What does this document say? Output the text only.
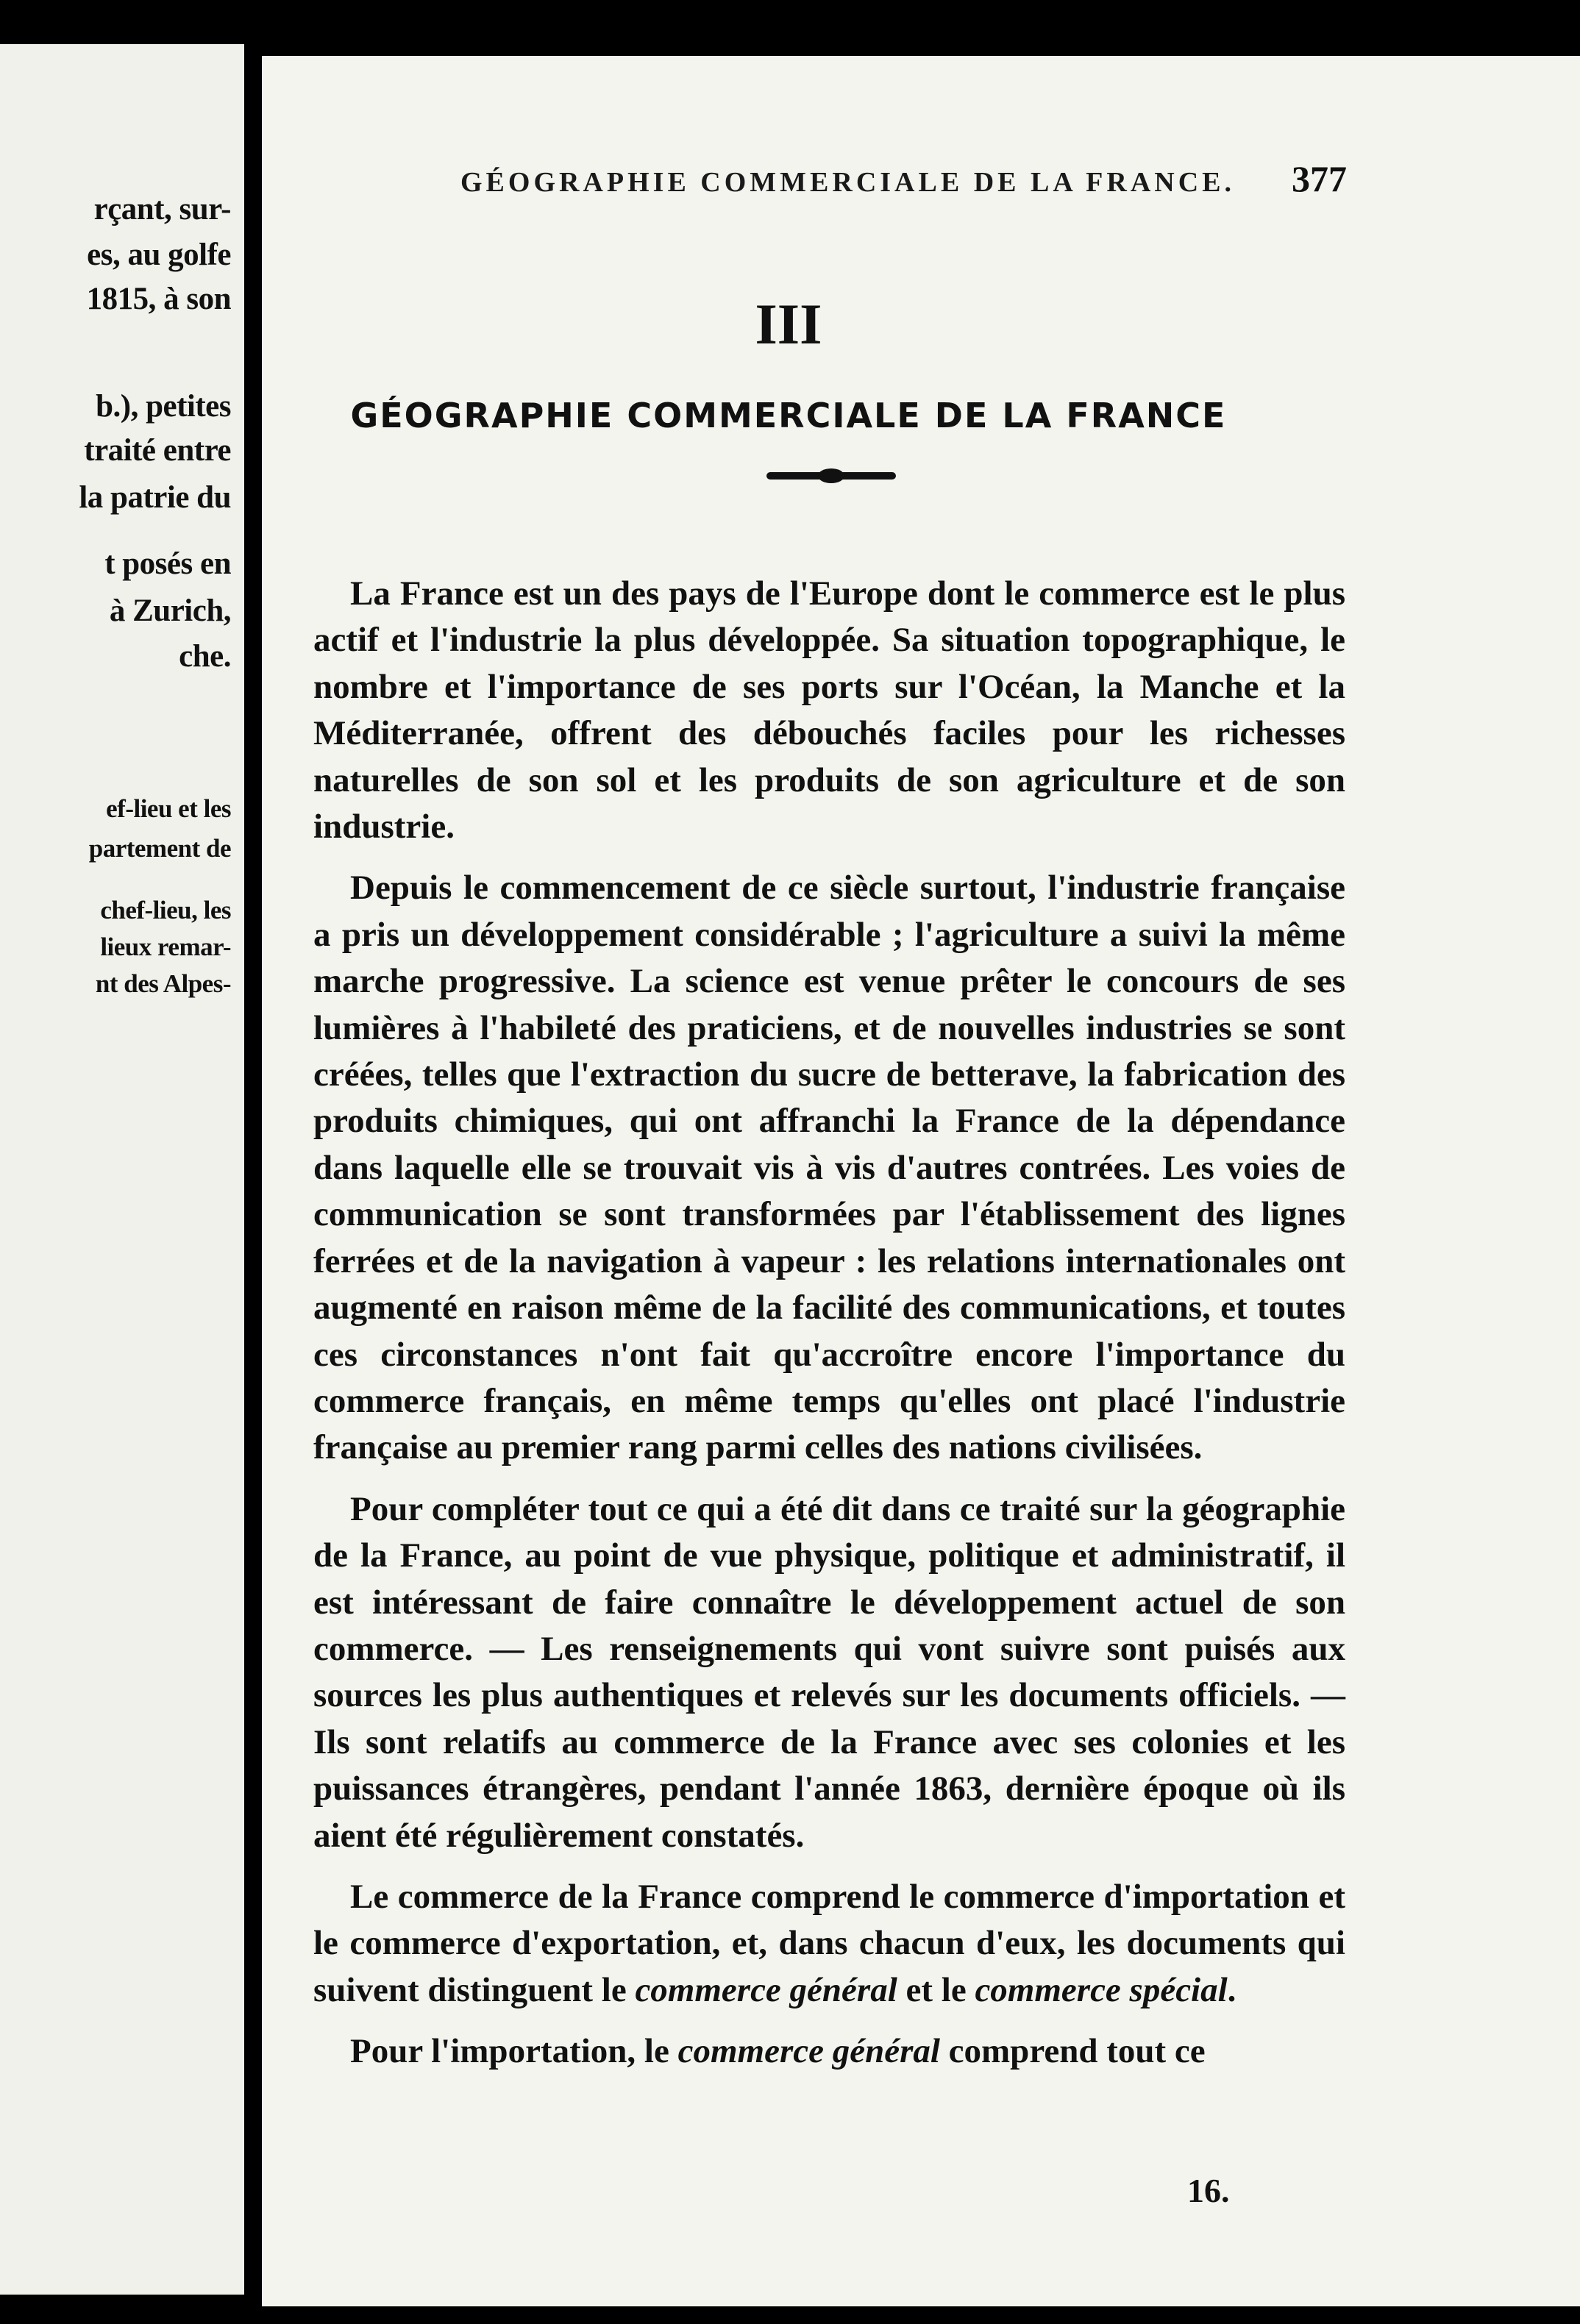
rçant, sur-
es, au golfe
1815, à son
b.), petites
traité entre
la patrie du
t posés en
à Zurich,
che.
ef-lieu et les
partement de
chef-lieu, les
lieux remar-
nt des Alpes-
GÉOGRAPHIE COMMERCIALE DE LA FRANCE. 377
III
GÉOGRAPHIE COMMERCIALE DE LA FRANCE

La France est un des pays de l'Europe dont le commerce est le plus actif et l'industrie la plus développée. Sa situation topographique, le nombre et l'importance de ses ports sur l'Océan, la Manche et la Méditerranée, offrent des débouchés faciles pour les richesses naturelles de son sol et les produits de son agriculture et de son industrie.

Depuis le commencement de ce siècle surtout, l'industrie française a pris un développement considérable ; l'agriculture a suivi la même marche progressive. La science est venue prêter le concours de ses lumières à l'habileté des praticiens, et de nouvelles industries se sont créées, telles que l'extraction du sucre de betterave, la fabrication des produits chimiques, qui ont affranchi la France de la dépendance dans laquelle elle se trouvait vis à vis d'autres contrées. Les voies de communication se sont transformées par l'établissement des lignes ferrées et de la navigation à vapeur : les relations internationales ont augmenté en raison même de la facilité des communications, et toutes ces circonstances n'ont fait qu'accroître encore l'importance du commerce français, en même temps qu'elles ont placé l'industrie française au premier rang parmi celles des nations civilisées.

Pour compléter tout ce qui a été dit dans ce traité sur la géographie de la France, au point de vue physique, politique et administratif, il est intéressant de faire connaître le développement actuel de son commerce. — Les renseignements qui vont suivre sont puisés aux sources les plus authentiques et relevés sur les documents officiels. — Ils sont relatifs au commerce de la France avec ses colonies et les puissances étrangères, pendant l'année 1863, dernière époque où ils aient été régulièrement constatés.

Le commerce de la France comprend le commerce d'importation et le commerce d'exportation, et, dans chacun d'eux, les documents qui suivent distinguent le commerce général et le commerce spécial.

Pour l'importation, le commerce général comprend tout ce

16.
